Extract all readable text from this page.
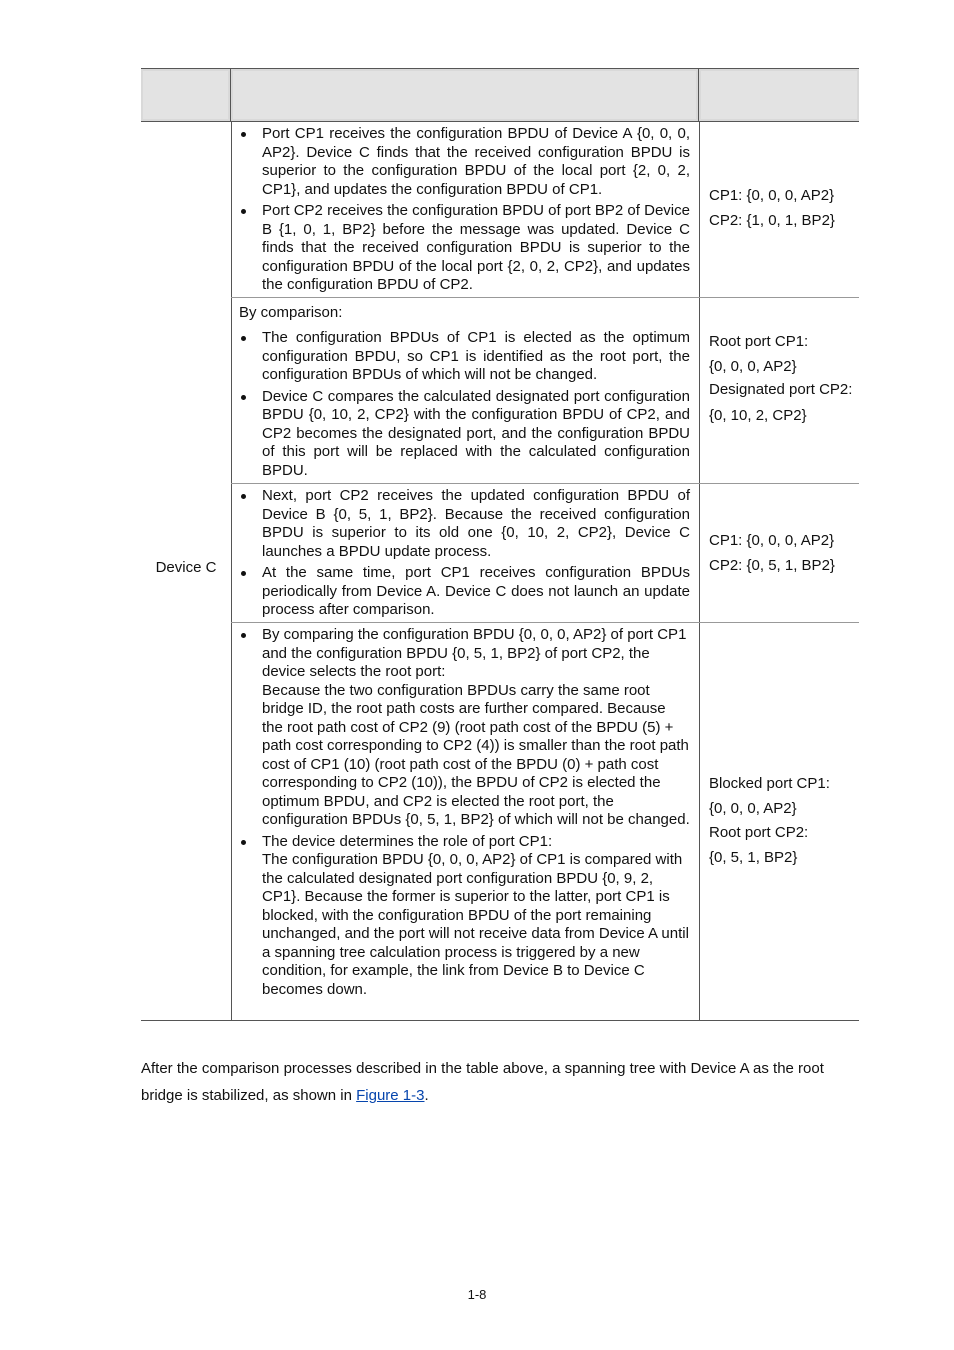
Device C
Port CP1 receives the configuration BPDU of Device A {0, 0, 0, AP2}. Device C finds that the received configuration BPDU is superior to the configuration BPDU of the local port {2, 0, 2, CP1}, and updates the configuration BPDU of CP1.
Port CP2 receives the configuration BPDU of port BP2 of Device B {1, 0, 1, BP2} before the message was updated. Device C finds that the received configuration BPDU is superior to the configuration BPDU of the local port {2, 0, 2, CP2}, and updates the configuration BPDU of CP2.
CP1: {0, 0, 0, AP2}
CP2: {1, 0, 1, BP2}
By comparison:
The configuration BPDUs of CP1 is elected as the optimum configuration BPDU, so CP1 is identified as the root port, the configuration BPDUs of which will not be changed.
Device C compares the calculated designated port configuration BPDU {0, 10, 2, CP2} with the configuration BPDU of CP2, and CP2 becomes the designated port, and the configuration BPDU of this port will be replaced with the calculated configuration BPDU.
Root port CP1:
{0, 0, 0, AP2}
Designated port CP2:
{0, 10, 2, CP2}
Next, port CP2 receives the updated configuration BPDU of Device B {0, 5, 1, BP2}. Because the received configuration BPDU is superior to its old one {0, 10, 2, CP2}, Device C launches a BPDU update process.
At the same time, port CP1 receives configuration BPDUs periodically from Device A. Device C does not launch an update process after comparison.
CP1: {0, 0, 0, AP2}
CP2: {0, 5, 1, BP2}
By comparing the configuration BPDU {0, 0, 0, AP2} of port CP1 and the configuration BPDU {0, 5, 1, BP2} of port CP2, the device selects the root port:
Because the two configuration BPDUs carry the same root bridge ID, the root path costs are further compared. Because the root path cost of CP2 (9) (root path cost of the BPDU (5) + path cost corresponding to CP2 (4)) is smaller than the root path cost of CP1 (10) (root path cost of the BPDU (0) + path cost corresponding to CP2 (10)), the BPDU of CP2 is elected the optimum BPDU, and CP2 is elected the root port, the configuration BPDUs {0, 5, 1, BP2} of which will not be changed.
The device determines the role of port CP1:
The configuration BPDU {0, 0, 0, AP2} of CP1 is compared with the calculated designated port configuration BPDU {0, 9, 2, CP1}. Because the former is superior to the latter, port CP1 is blocked, with the configuration BPDU of the port remaining unchanged, and the port will not receive data from Device A until a spanning tree calculation process is triggered by a new condition, for example, the link from Device B to Device C becomes down.
Blocked port CP1:
{0, 0, 0, AP2}
Root port CP2:
{0, 5, 1, BP2}
After the comparison processes described in the table above, a spanning tree with Device A as the root bridge is stabilized, as shown in Figure 1-3.
1-8
